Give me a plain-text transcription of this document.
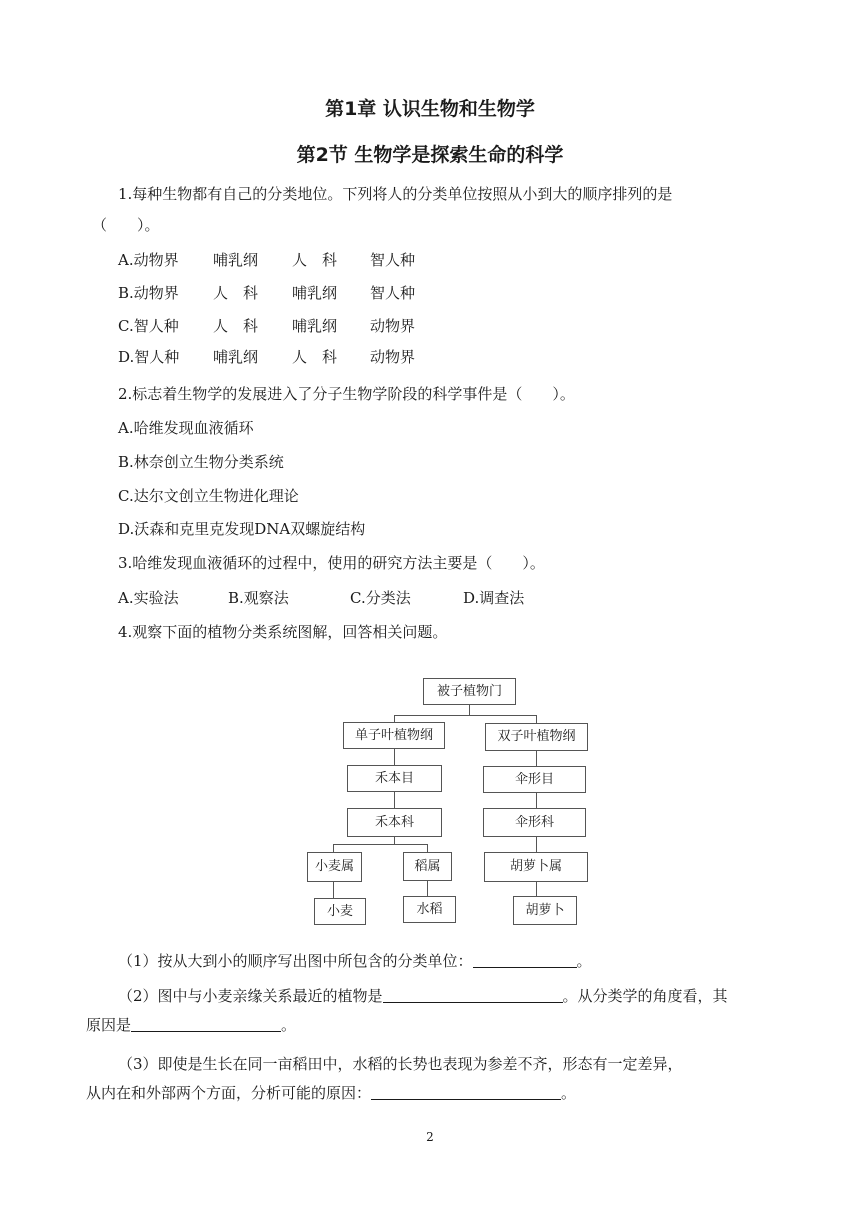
第1章 认识生物和生物学
第2节 生物学是探索生命的科学
1.每种生物都有自己的分类地位。下列将人的分类单位按照从小到大的顺序排列的是
（　　）。
A.动物界 哺乳纲 人　科 智人种
B.动物界 人　科 哺乳纲 智人种
C.智人种 人　科 哺乳纲 动物界
D.智人种 哺乳纲 人　科 动物界
2.标志着生物学的发展进入了分子生物学阶段的科学事件是（　　）。
A.哈维发现血液循环
B.林奈创立生物分类系统
C.达尔文创立生物进化理论
D.沃森和克里克发现DNA双螺旋结构
3.哈维发现血液循环的过程中，使用的研究方法主要是（　　）。
A.实验法	B.观察法	C.分类法	D.调查法
4.观察下面的植物分类系统图解，回答相关问题。
被子植物门
单子叶植物纲	双子叶植物纲
禾本目	伞形目
禾本科	伞形科
小麦属	稻属	胡萝卜属
小麦	水稻	胡萝卜
（1）按从大到小的顺序写出图中所包含的分类单位：	。
（2）图中与小麦亲缘关系最近的植物是	。从分类学的角度看，其
原因是	。
（3）即使是生长在同一亩稻田中，水稻的长势也表现为参差不齐，形态有一定差异，
从内在和外部两个方面，分析可能的原因：	。
2
